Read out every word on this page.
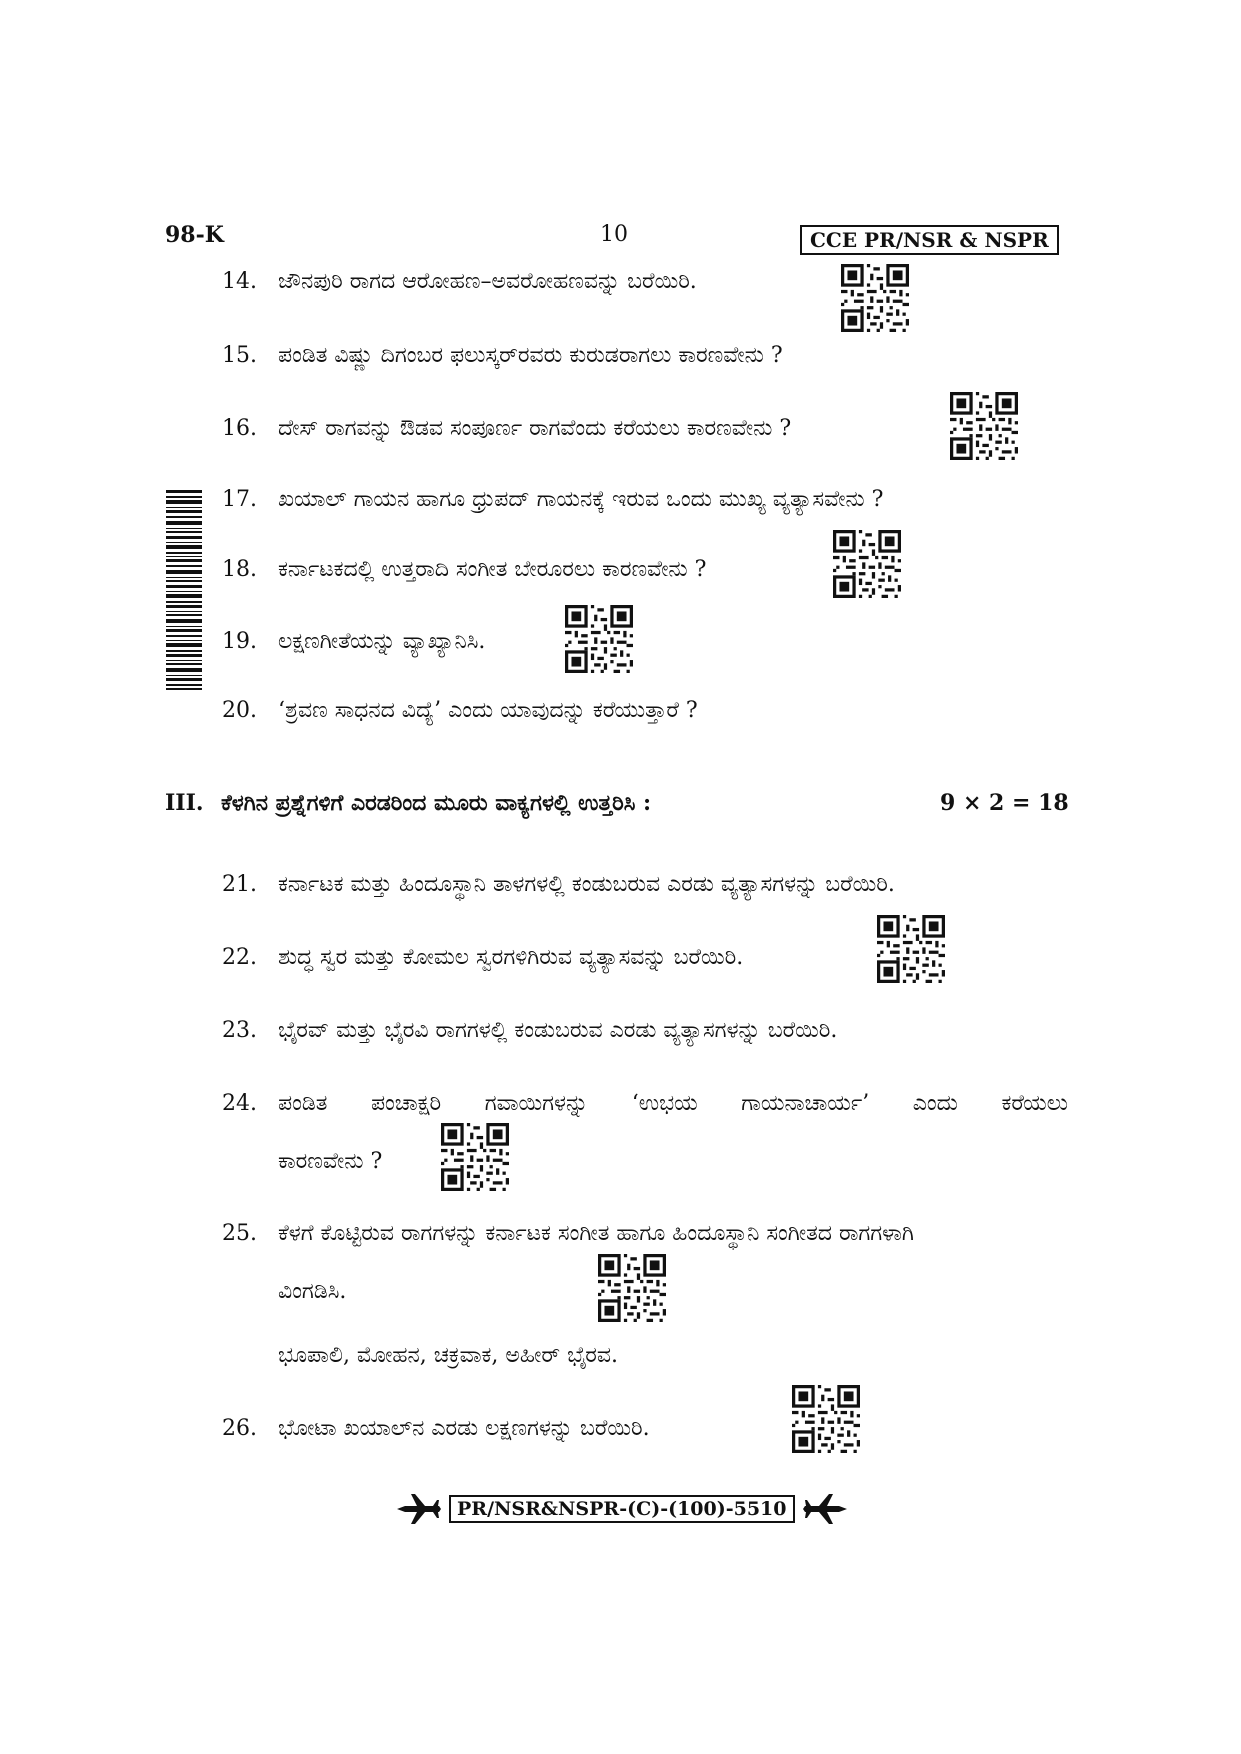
98-K	10	CCE PR/NSR & NSPR
14. ಜೌನಪುರಿ ರಾಗದ ಆರೋಹಣ–ಅವರೋಹಣವನ್ನು ಬರೆಯಿರಿ.
15. ಪಂಡಿತ ವಿಷ್ಣು ದಿಗಂಬರ ಫಲುಸ್ಕರ್‌ರವರು ಕುರುಡರಾಗಲು ಕಾರಣವೇನು ?
16. ದೇಸ್ ರಾಗವನ್ನು ಔಡವ ಸಂಪೂರ್ಣ ರಾಗವೆಂದು ಕರೆಯಲು ಕಾರಣವೇನು ?
17. ಖಯಾಲ್ ಗಾಯನ ಹಾಗೂ ಧ್ರುಪದ್ ಗಾಯನಕ್ಕೆ ಇರುವ ಒಂದು ಮುಖ್ಯ ವ್ಯತ್ಯಾಸವೇನು ?
18. ಕರ್ನಾಟಕದಲ್ಲಿ ಉತ್ತರಾದಿ ಸಂಗೀತ ಬೇರೂರಲು ಕಾರಣವೇನು ?
19. ಲಕ್ಷಣಗೀತೆಯನ್ನು ವ್ಯಾಖ್ಯಾನಿಸಿ.
20. ‘ಶ್ರವಣ ಸಾಧನದ ವಿದ್ಯೆ’ ಎಂದು ಯಾವುದನ್ನು ಕರೆಯುತ್ತಾರೆ ?
III. ಕೆಳಗಿನ ಪ್ರಶ್ನೆಗಳಿಗೆ ಎರಡರಿಂದ ಮೂರು ವಾಕ್ಯಗಳಲ್ಲಿ ಉತ್ತರಿಸಿ :	9 × 2 = 18
21. ಕರ್ನಾಟಕ ಮತ್ತು ಹಿಂದೂಸ್ಥಾನಿ ತಾಳಗಳಲ್ಲಿ ಕಂಡುಬರುವ ಎರಡು ವ್ಯತ್ಯಾಸಗಳನ್ನು ಬರೆಯಿರಿ.
22. ಶುದ್ಧ ಸ್ವರ ಮತ್ತು ಕೋಮಲ ಸ್ವರಗಳಿಗಿರುವ ವ್ಯತ್ಯಾಸವನ್ನು ಬರೆಯಿರಿ.
23. ಭೈರವ್ ಮತ್ತು ಭೈರವಿ ರಾಗಗಳಲ್ಲಿ ಕಂಡುಬರುವ ಎರಡು ವ್ಯತ್ಯಾಸಗಳನ್ನು ಬರೆಯಿರಿ.
24. ಪಂಡಿತ ಪಂಚಾಕ್ಷರಿ ಗವಾಯಿಗಳನ್ನು ‘ಉಭಯ ಗಾಯನಾಚಾರ್ಯ’ ಎಂದು ಕರೆಯಲು
ಕಾರಣವೇನು ?
25. ಕೆಳಗೆ ಕೊಟ್ಟಿರುವ ರಾಗಗಳನ್ನು ಕರ್ನಾಟಕ ಸಂಗೀತ ಹಾಗೂ ಹಿಂದೂಸ್ಥಾನಿ ಸಂಗೀತದ ರಾಗಗಳಾಗಿ
ವಿಂಗಡಿಸಿ.
ಭೂಪಾಲಿ, ಮೋಹನ, ಚಕ್ರವಾಕ, ಅಹೀರ್ ಭೈರವ.
26. ಭೋಟಾ ಖಯಾಲ್‌ನ ಎರಡು ಲಕ್ಷಣಗಳನ್ನು ಬರೆಯಿರಿ.
PR/NSR&NSPR-(C)-(100)-5510
